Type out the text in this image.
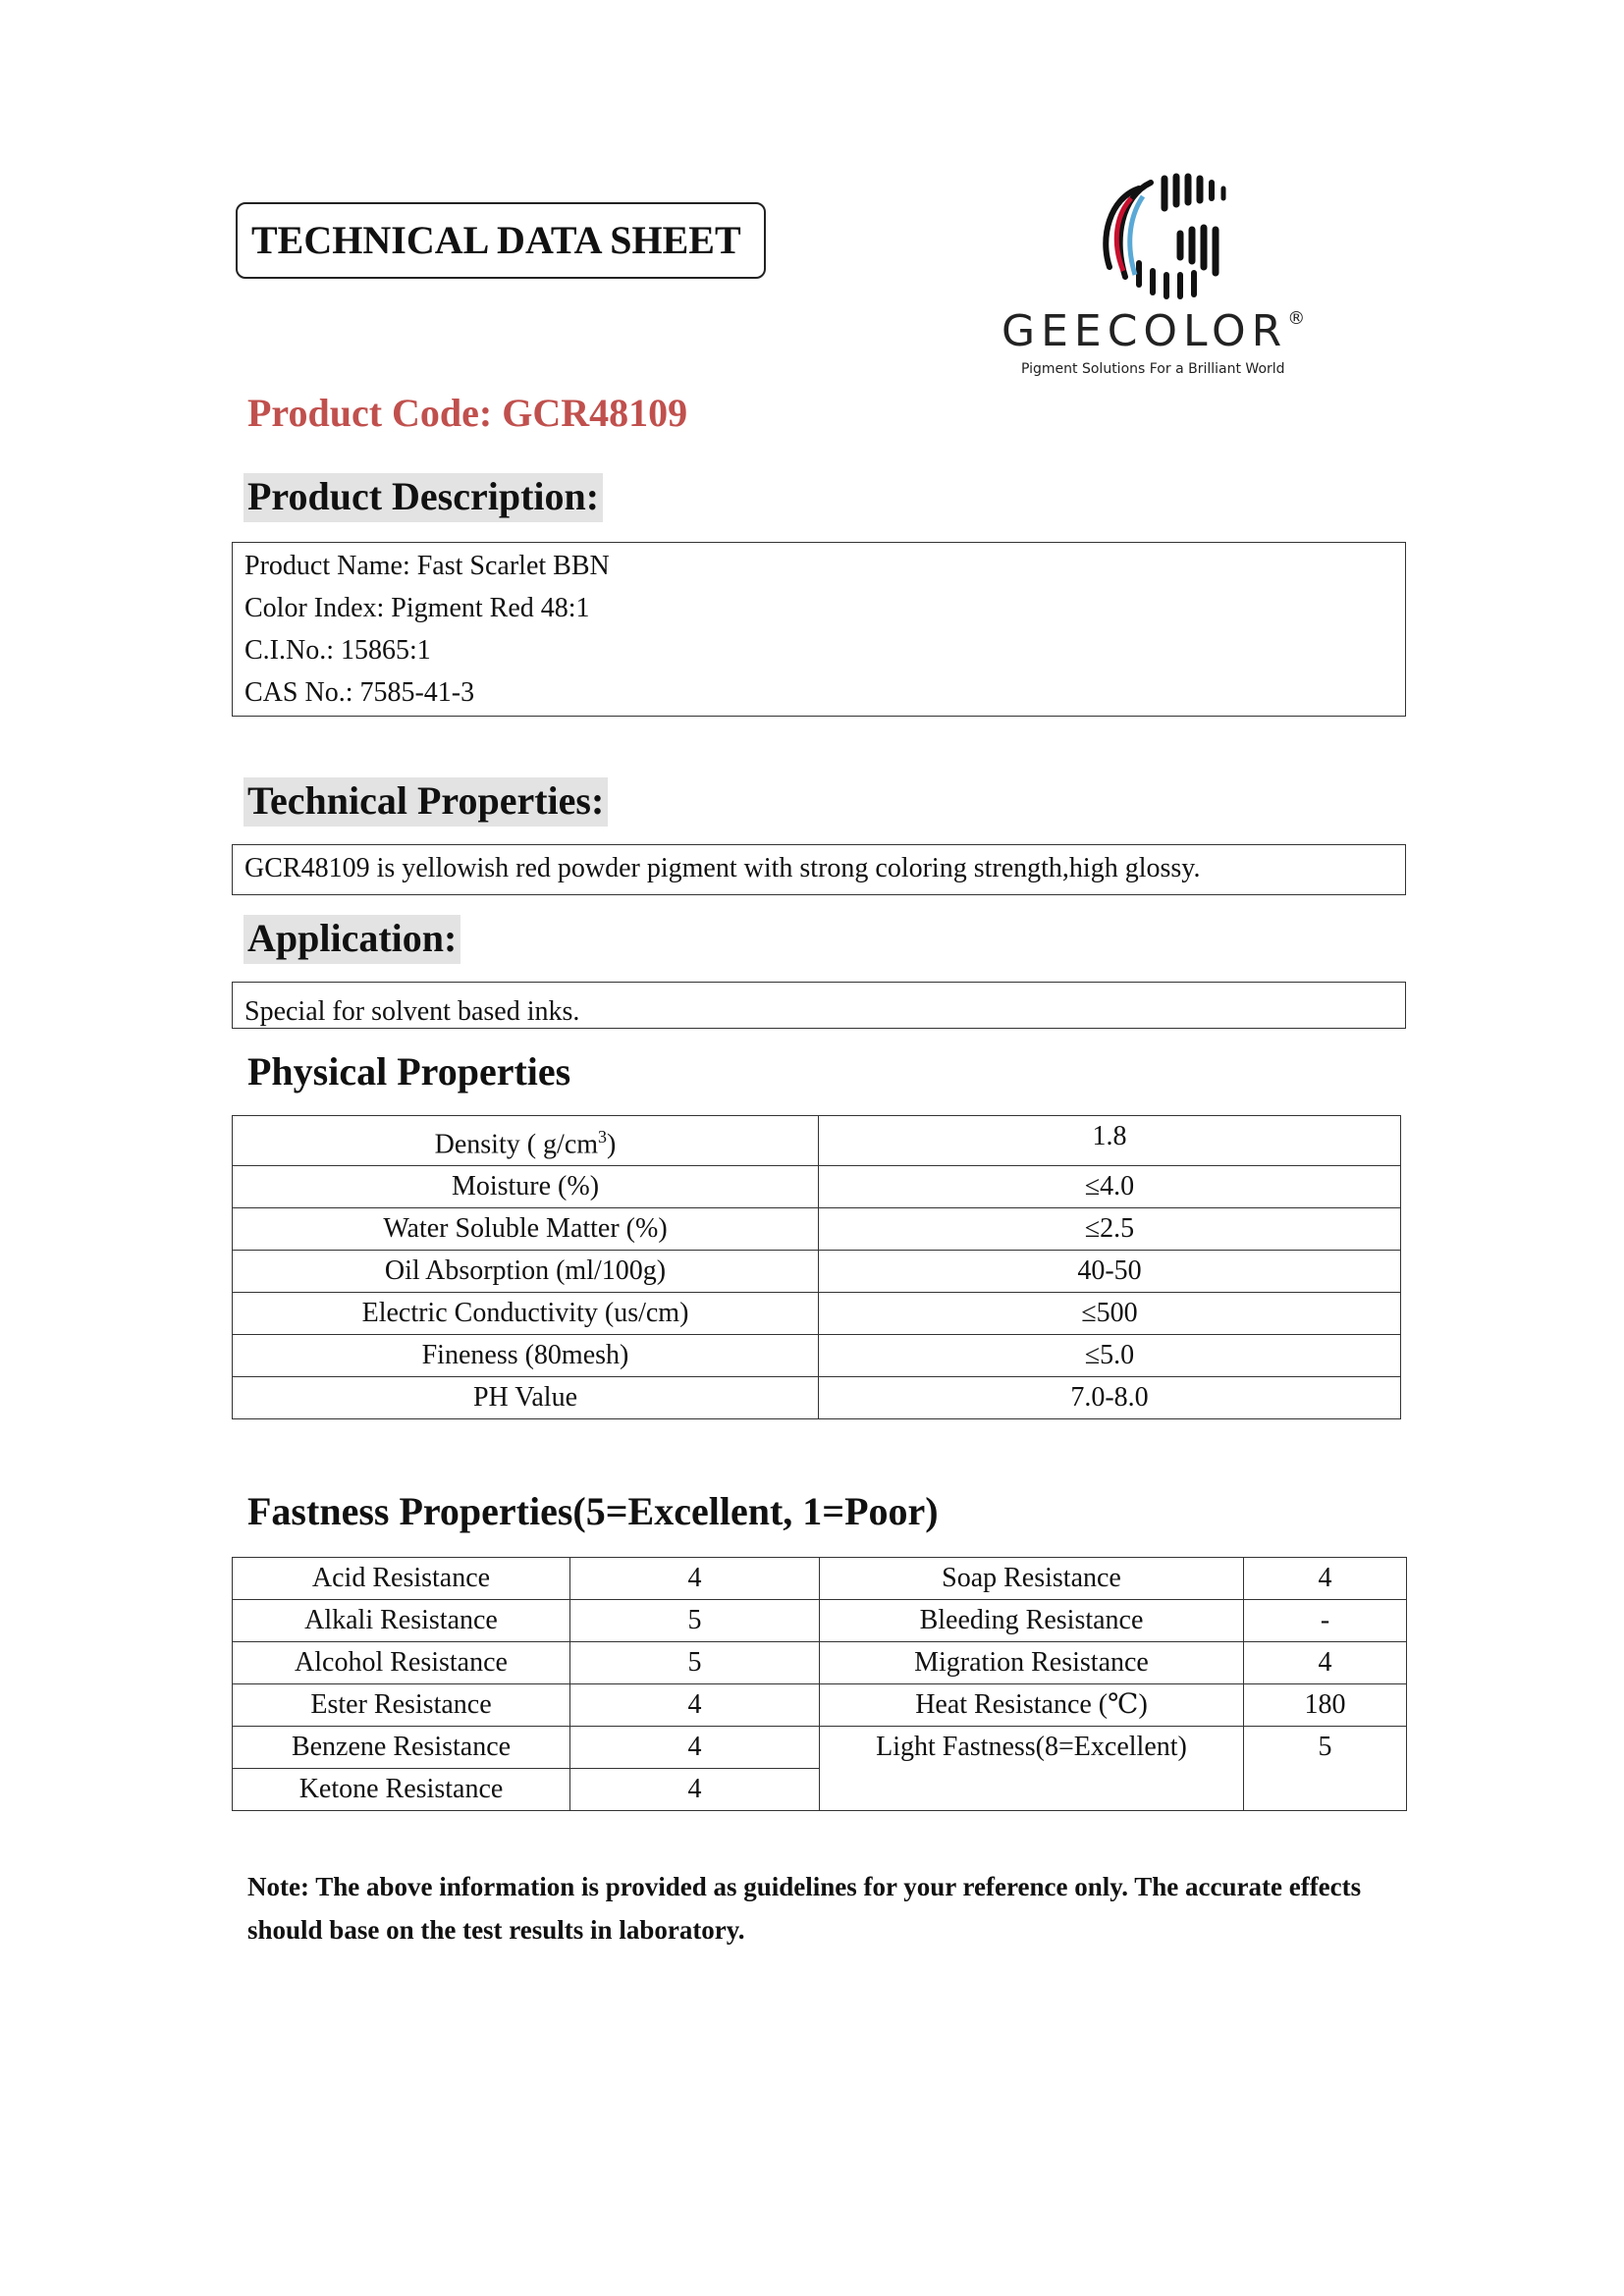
TECHNICAL DATA SHEET
GEECOLOR®
Pigment Solutions For a Brilliant World
Product Code: GCR48109
Product Description:
Product Name: Fast Scarlet BBN
Color Index: Pigment Red 48:1
C.I.No.: 15865:1
CAS No.: 7585-41-3
Technical Properties:
GCR48109 is yellowish red powder pigment with strong coloring strength,high glossy.
Application:
Special for solvent based inks.
Physical Properties
Density ( $g/cm^3$)	1.8
Moisture (%)	≤4.0
Water Soluble Matter (%)	≤2.5
Oil Absorption (ml/100g)	40-50
Electric Conductivity (us/cm)	≤500
Fineness (80mesh)	≤5.0
PH Value	7.0-8.0
Fastness Properties(5=Excellent, 1=Poor)
Acid Resistance	4	Soap Resistance	4
Alkali Resistance	5	Bleeding Resistance	-
Alcohol Resistance	5	Migration Resistance	4
Ester Resistance	4	Heat Resistance (℃)	180
Benzene Resistance	4	Light Fastness(8=Excellent)	5
Ketone Resistance	4		
Note: The above information is provided as guidelines for your reference only. The accurate effects should base on the test results in laboratory.
